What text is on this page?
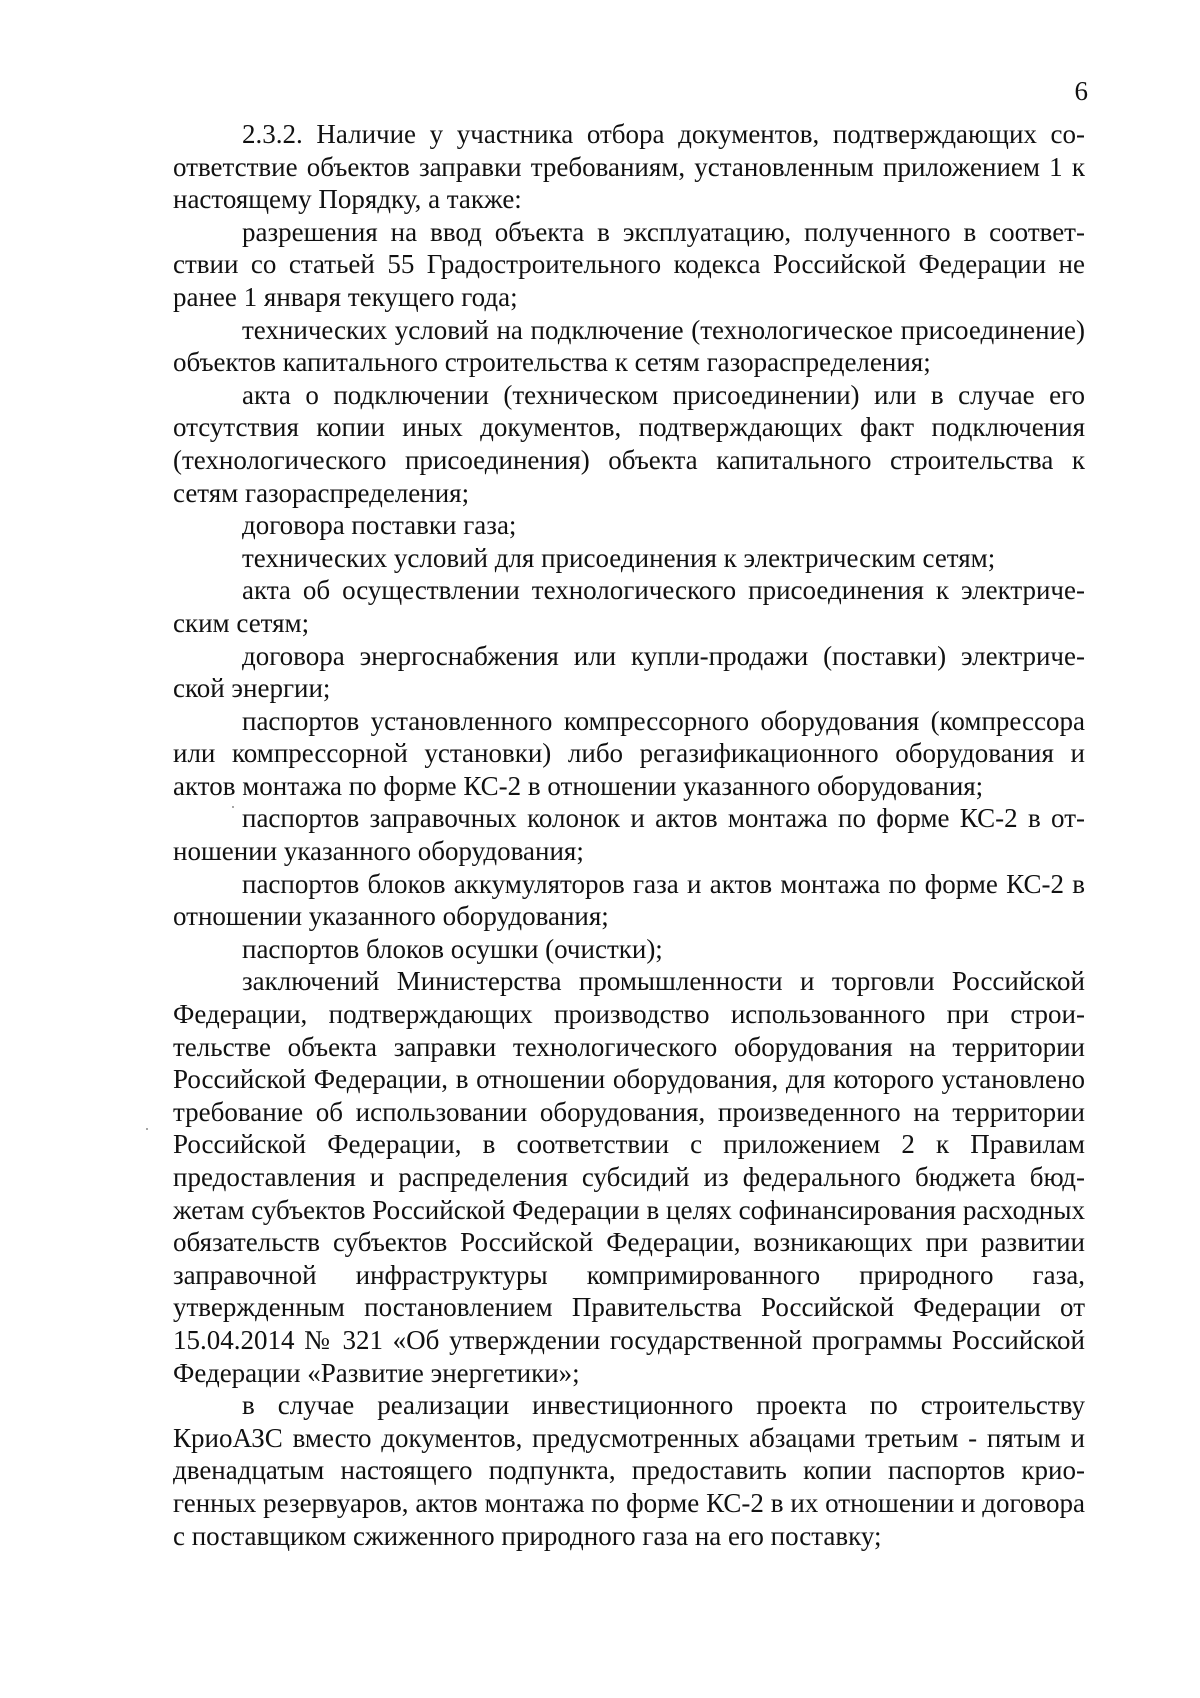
6

2.3.2. Наличие у участника отбора документов, подтверждающих соответствие объектов заправки требованиям, установленным приложением 1 к настоящему Порядку, а также:

разрешения на ввод объекта в эксплуатацию, полученного в соответствии со статьей 55 Градостроительного кодекса Российской Федерации не ранее 1 января текущего года;

технических условий на подключение (технологическое присоединение) объектов капитального строительства к сетям газораспределения;

акта о подключении (техническом присоединении) или в случае его отсутствия копии иных документов, подтверждающих факт подключения (технологического присоединения) объекта капитального строительства к сетям газораспределения;

договора поставки газа;

технических условий для присоединения к электрическим сетям;

акта об осуществлении технологического присоединения к электрическим сетям;

договора энергоснабжения или купли-продажи (поставки) электрической энергии;

паспортов установленного компрессорного оборудования (компрессора или компрессорной установки) либо регазификационного оборудования и актов монтажа по форме КС-2 в отношении указанного оборудования;

паспортов заправочных колонок и актов монтажа по форме КС-2 в отношении указанного оборудования;

паспортов блоков аккумуляторов газа и актов монтажа по форме КС-2 в отношении указанного оборудования;

паспортов блоков осушки (очистки);

заключений Министерства промышленности и торговли Российской Федерации, подтверждающих производство использованного при строительстве объекта заправки технологического оборудования на территории Российской Федерации, в отношении оборудования, для которого установлено требование об использовании оборудования, произведенного на территории Российской Федерации, в соответствии с приложением 2 к Правилам предоставления и распределения субсидий из федерального бюджета бюджетам субъектов Российской Федерации в целях софинансирования расходных обязательств субъектов Российской Федерации, возникающих при развитии заправочной инфраструктуры компримированного природного газа, утвержденным постановлением Правительства Российской Федерации от 15.04.2014 № 321 «Об утверждении государственной программы Российской Федерации «Развитие энергетики»;

в случае реализации инвестиционного проекта по строительству КриоАЗС вместо документов, предусмотренных абзацами третьим - пятым и двенадцатым настоящего подпункта, предоставить копии паспортов криогенных резервуаров, актов монтажа по форме КС-2 в их отношении и договора с поставщиком сжиженного природного газа на его поставку;
